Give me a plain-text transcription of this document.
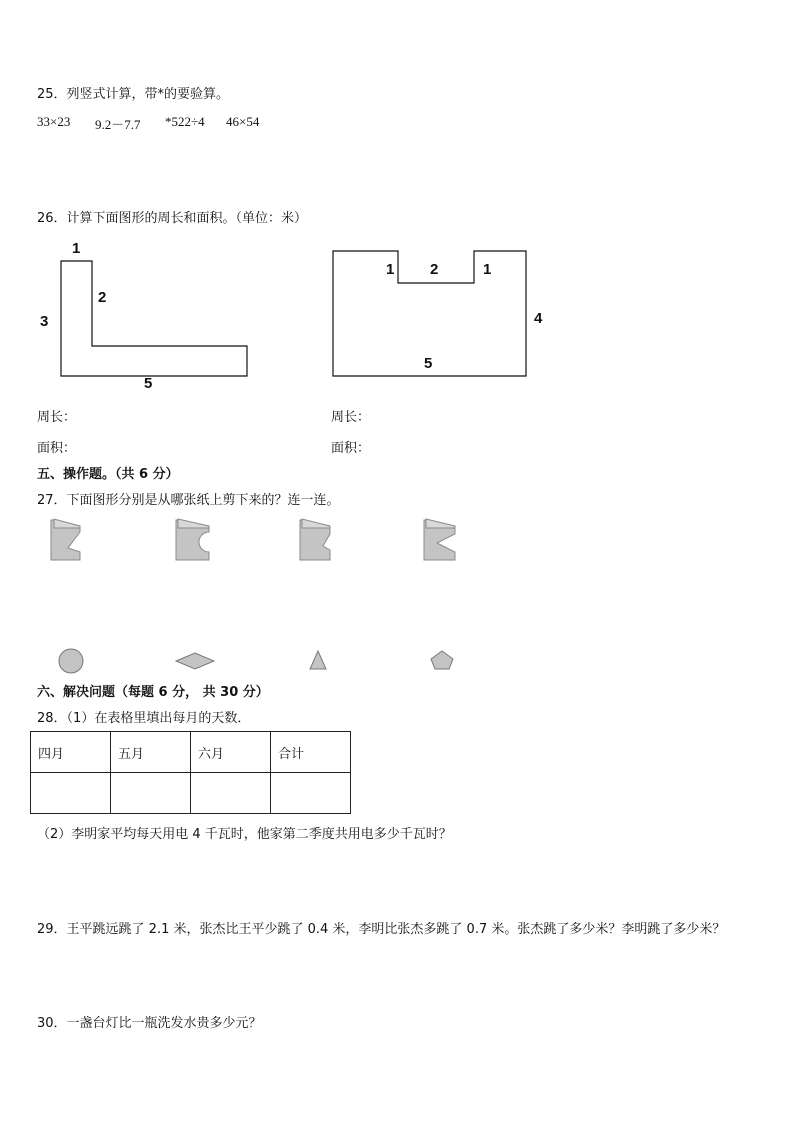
25．列竖式计算，带*的要验算。
33×23 9.2－7.7 *522÷4 46×54
26．计算下面图形的周长和面积。（单位：米）
1
3
2
5
1 2	1
4
5
周长：
面积：
周长：
面积：
五、操作题。（共 6 分）
27．下面图形分别是从哪张纸上剪下来的？连一连。
六、解决问题（每题 6 分， 共 30 分）
28．（1）在表格里填出每月的天数．
四月	五月	六月	合计

（2）李明家平均每天用电 4 千瓦时，他家第二季度共用电多少千瓦时？
29．王平跳远跳了 2.1 米，张杰比王平少跳了 0.4 米，李明比张杰多跳了 0.7 米。张杰跳了多少米？李明跳了多少米？
30．一盏台灯比一瓶洗发水贵多少元？
